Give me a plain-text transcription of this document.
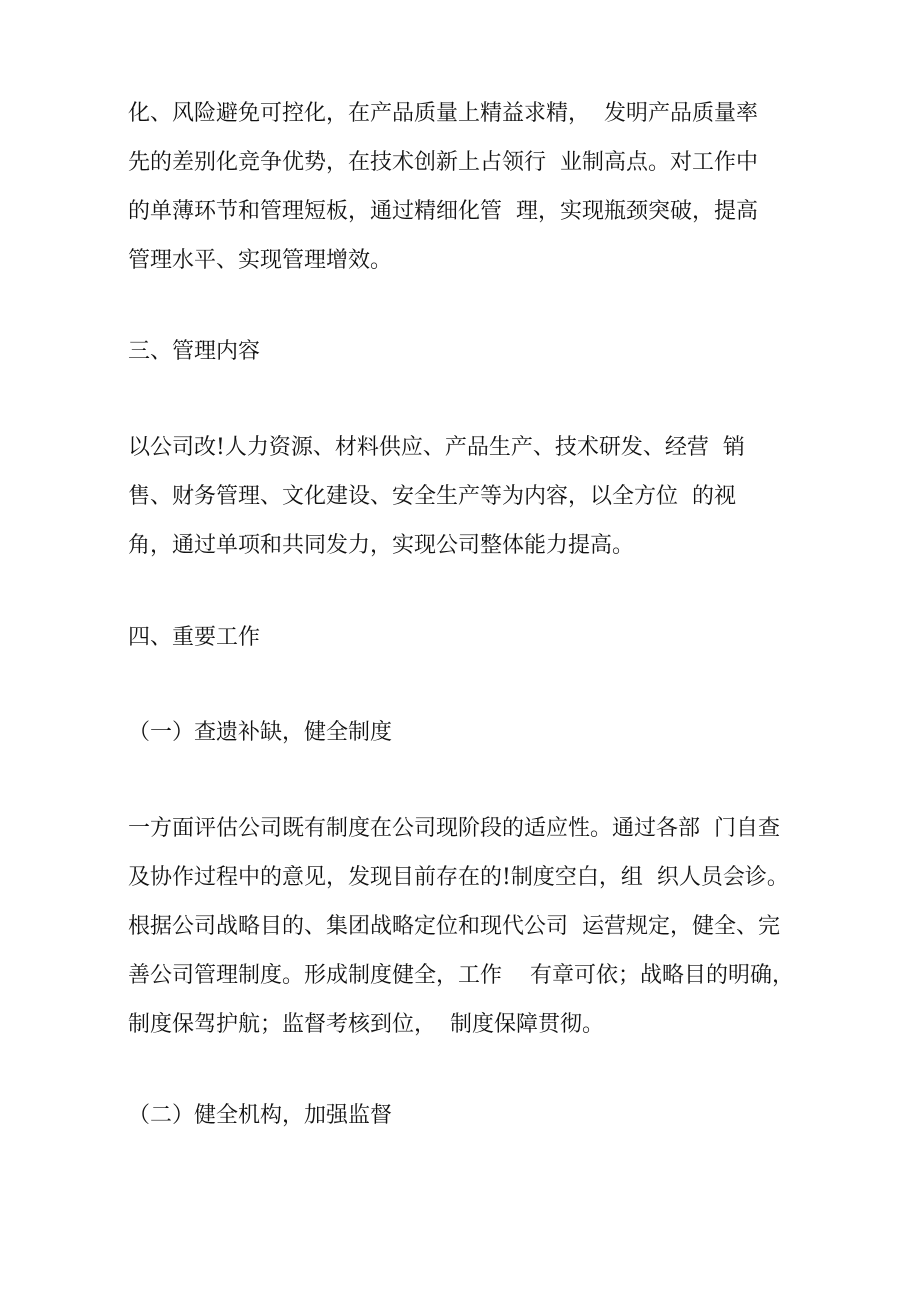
化、风险避免可控化，在产品质量上精益求精，  发明产品质量率
先的差别化竞争优势，在技术创新上占领行  业制高点。对工作中
的单薄环节和管理短板，通过精细化管  理，实现瓶颈突破，提高
管理水平、实现管理增效。
三、管理内容
以公司改!人力资源、材料供应、产品生产、技术研发、经营  销
售、财务管理、文化建设、安全生产等为内容，以全方位  的视
角，通过单项和共同发力，实现公司整体能力提高。
四、重要工作
（一）查遗补缺，健全制度
一方面评估公司既有制度在公司现阶段的适应性。通过各部  门自查
及协作过程中的意见，发现目前存在的!制度空白，组  织人员会诊。
根据公司战略目的、集团战略定位和现代公司  运营规定，健全、完
善公司管理制度。形成制度健全，工作    有章可依；战略目的明确，
制度保驾护航；监督考核到位，  制度保障贯彻。
（二）健全机构，加强监督
